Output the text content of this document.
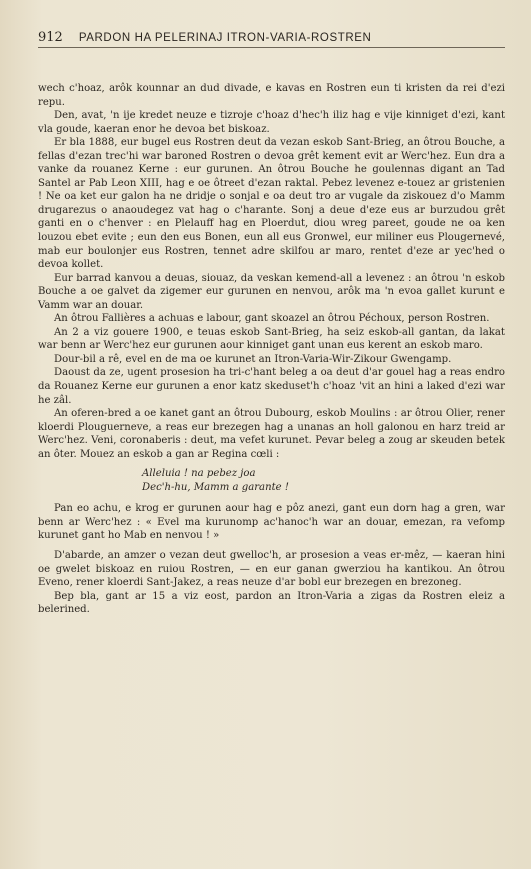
912 PARDON HA PELERINAJ ITRON-VARIA-ROSTREN

wech c'hoaz, arôk kounnar an dud divade, e kavas en Rostren eun ti kristen da rei d'ezi repu.

Den, avat, 'n ije kredet neuze e tizroje c'hoaz d'hec'h iliz hag e vije kinniget d'ezi, kant vla goude, kaeran enor he devoa bet biskoaz.

Er bla 1888, eur bugel eus Rostren deut da vezan eskob Sant-Brieg, an ôtrou Bouche, a fellas d'ezan trec'hi war baroned Rostren o devoa grêt kement evit ar Werc'hez. Eun dra a vanke da rouanez Kerne : eur gurunen. An ôtrou Bouche he goulennas digant an Tad Santel ar Pab Leon XIII, hag e oe ôtreet d'ezan raktal. Pebez levenez e-touez ar gristenien ! Ne oa ket eur galon ha ne dridje o sonjal e oa deut tro ar vugale da ziskouez d'o Mamm drugarezus o anaoudegez vat hag o c'harante. Sonj a deue d'eze eus ar burzudou grêt ganti en o c'henver : en Plelauff hag en Ploerdut, diou wreg pareet, goude ne oa ken louzou ebet evite ; eun den eus Bonen, eun all eus Gronwel, eur miliner eus Plougernevé, mab eur boulonjer eus Rostren, tennet adre skilfou ar maro, rentet d'eze ar yec'hed o devoa kollet.

Eur barrad kanvou a deuas, siouaz, da veskan kemend-all a levenez : an ôtrou 'n eskob Bouche a oe galvet da zigemer eur gurunen en nenvou, arôk ma 'n evoa gallet kurunt e Vamm war an douar.

An ôtrou Fallières a achuas e labour, gant skoazel an ôtrou Péchoux, person Rostren.

An 2 a viz gouere 1900, e teuas eskob Sant-Brieg, ha seiz eskob-all gantan, da lakat war benn ar Werc'hez eur gurunen aour kinniget gant unan eus kerent an eskob maro.

Dour-bil a rê, evel en de ma oe kurunet an Itron-Varia-Wir-Zikour Gwengamp.

Daoust da ze, ugent prosesion ha tri-c'hant beleg a oa deut d'ar gouel hag a reas endro da Rouanez Kerne eur gurunen a enor katz skeduset'h c'hoaz 'vit an hini a laked d'ezi war he zâl.

An oferen-bred a oe kanet gant an ôtrou Dubourg, eskob Moulins : ar ôtrou Olier, rener kloerdi Plouguerneve, a reas eur brezegen hag a unanas an holl galonou en harz treid ar Werc'hez. Veni, coronaberis : deut, ma vefet kurunet. Pevar beleg a zoug ar skeuden betek an ôter. Mouez an eskob a gan ar Regina cœli :

Alleluia ! na pebez joa
Dec'h-hu, Mamm a garante !

Pan eo achu, e krog er gurunen aour hag e pôz anezi, gant eun dorn hag a gren, war benn ar Werc'hez : « Evel ma kurunomp ac'hanoc'h war an douar, emezan, ra vefomp kurunet gant ho Mab en nenvou ! »

D'abarde, an amzer o vezan deut gwelloc'h, ar prosesion a veas er-mêz, — kaeran hini oe gwelet biskoaz en ruiou Rostren, — en eur ganan gwerziou ha kantikou. An ôtrou Eveno, rener kloerdi Sant-Jakez, a reas neuze d'ar bobl eur brezegen en brezoneg.

Bep bla, gant ar 15 a viz eost, pardon an Itron-Varia a zigas da Rostren eleiz a belerined.
